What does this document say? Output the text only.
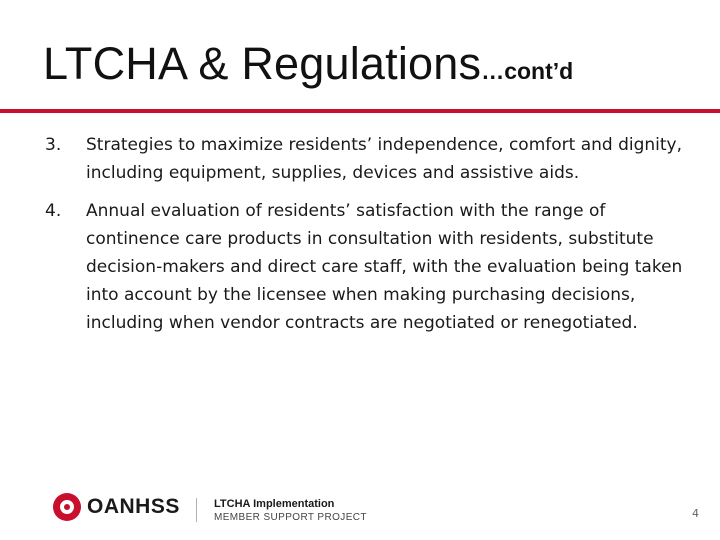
LTCHA & Regulations…cont’d
3. Strategies to maximize residents’ independence, comfort and dignity, including equipment, supplies, devices and assistive aids.
4. Annual evaluation of residents’ satisfaction with the range of continence care products in consultation with residents, substitute decision-makers and direct care staff, with the evaluation being taken into account by the licensee when making purchasing decisions, including when vendor contracts are negotiated or renegotiated.
OANHSS	LTCHA Implementation
MEMBER SUPPORT PROJECT	4
